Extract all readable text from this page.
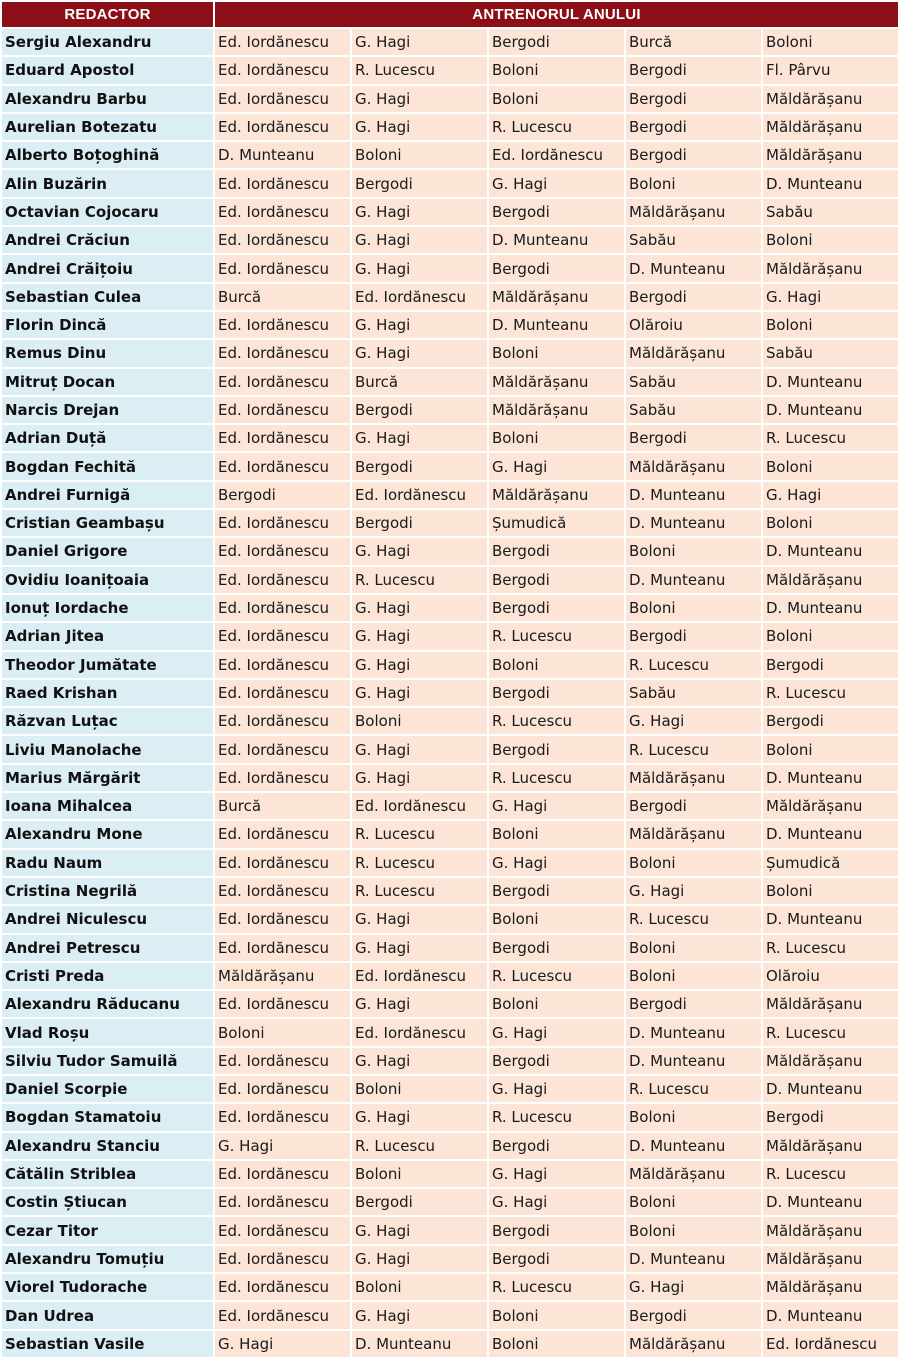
REDACTOR	ANTRENORUL ANULUI				
Sergiu Alexandru	Ed. Iordănescu	G. Hagi	Bergodi	Burcă	Boloni
Eduard Apostol	Ed. Iordănescu	R. Lucescu	Boloni	Bergodi	Fl. Pârvu
Alexandru Barbu	Ed. Iordănescu	G. Hagi	Boloni	Bergodi	Măldărășanu
Aurelian Botezatu	Ed. Iordănescu	G. Hagi	R. Lucescu	Bergodi	Măldărășanu
Alberto Boțoghină	D. Munteanu	Boloni	Ed. Iordănescu	Bergodi	Măldărășanu
Alin Buzărin	Ed. Iordănescu	Bergodi	G. Hagi	Boloni	D. Munteanu
Octavian Cojocaru	Ed. Iordănescu	G. Hagi	Bergodi	Măldărășanu	Sabău
Andrei Crăciun	Ed. Iordănescu	G. Hagi	D. Munteanu	Sabău	Boloni
Andrei Crăițoiu	Ed. Iordănescu	G. Hagi	Bergodi	D. Munteanu	Măldărășanu
Sebastian Culea	Burcă	Ed. Iordănescu	Măldărășanu	Bergodi	G. Hagi
Florin Dincă	Ed. Iordănescu	G. Hagi	D. Munteanu	Olăroiu	Boloni
Remus Dinu	Ed. Iordănescu	G. Hagi	Boloni	Măldărășanu	Sabău
Mitruț Docan	Ed. Iordănescu	Burcă	Măldărășanu	Sabău	D. Munteanu
Narcis Drejan	Ed. Iordănescu	Bergodi	Măldărășanu	Sabău	D. Munteanu
Adrian Duță	Ed. Iordănescu	G. Hagi	Boloni	Bergodi	R. Lucescu
Bogdan Fechită	Ed. Iordănescu	Bergodi	G. Hagi	Măldărășanu	Boloni
Andrei Furnigă	Bergodi	Ed. Iordănescu	Măldărășanu	D. Munteanu	G. Hagi
Cristian Geambașu	Ed. Iordănescu	Bergodi	Șumudică	D. Munteanu	Boloni
Daniel Grigore	Ed. Iordănescu	G. Hagi	Bergodi	Boloni	D. Munteanu
Ovidiu Ioanițoaia	Ed. Iordănescu	R. Lucescu	Bergodi	D. Munteanu	Măldărășanu
Ionuț Iordache	Ed. Iordănescu	G. Hagi	Bergodi	Boloni	D. Munteanu
Adrian Jitea	Ed. Iordănescu	G. Hagi	R. Lucescu	Bergodi	Boloni
Theodor Jumătate	Ed. Iordănescu	G. Hagi	Boloni	R. Lucescu	Bergodi
Raed Krishan	Ed. Iordănescu	G. Hagi	Bergodi	Sabău	R. Lucescu
Răzvan Luțac	Ed. Iordănescu	Boloni	R. Lucescu	G. Hagi	Bergodi
Liviu Manolache	Ed. Iordănescu	G. Hagi	Bergodi	R. Lucescu	Boloni
Marius Mărgărit	Ed. Iordănescu	G. Hagi	R. Lucescu	Măldărășanu	D. Munteanu
Ioana Mihalcea	Burcă	Ed. Iordănescu	G. Hagi	Bergodi	Măldărășanu
Alexandru Mone	Ed. Iordănescu	R. Lucescu	Boloni	Măldărășanu	D. Munteanu
Radu Naum	Ed. Iordănescu	R. Lucescu	G. Hagi	Boloni	Șumudică
Cristina Negrilă	Ed. Iordănescu	R. Lucescu	Bergodi	G. Hagi	Boloni
Andrei Niculescu	Ed. Iordănescu	G. Hagi	Boloni	R. Lucescu	D. Munteanu
Andrei Petrescu	Ed. Iordănescu	G. Hagi	Bergodi	Boloni	R. Lucescu
Cristi Preda	Măldărășanu	Ed. Iordănescu	R. Lucescu	Boloni	Olăroiu
Alexandru Răducanu	Ed. Iordănescu	G. Hagi	Boloni	Bergodi	Măldărășanu
Vlad Roșu	Boloni	Ed. Iordănescu	G. Hagi	D. Munteanu	R. Lucescu
Silviu Tudor Samuilă	Ed. Iordănescu	G. Hagi	Bergodi	D. Munteanu	Măldărășanu
Daniel Scorpie	Ed. Iordănescu	Boloni	G. Hagi	R. Lucescu	D. Munteanu
Bogdan Stamatoiu	Ed. Iordănescu	G. Hagi	R. Lucescu	Boloni	Bergodi
Alexandru Stanciu	G. Hagi	R. Lucescu	Bergodi	D. Munteanu	Măldărășanu
Cătălin Striblea	Ed. Iordănescu	Boloni	G. Hagi	Măldărășanu	R. Lucescu
Costin Știucan	Ed. Iordănescu	Bergodi	G. Hagi	Boloni	D. Munteanu
Cezar Titor	Ed. Iordănescu	G. Hagi	Bergodi	Boloni	Măldărășanu
Alexandru Tomuțiu	Ed. Iordănescu	G. Hagi	Bergodi	D. Munteanu	Măldărășanu
Viorel Tudorache	Ed. Iordănescu	Boloni	R. Lucescu	G. Hagi	Măldărășanu
Dan Udrea	Ed. Iordănescu	G. Hagi	Boloni	Bergodi	D. Munteanu
Sebastian Vasile	G. Hagi	D. Munteanu	Boloni	Măldărășanu	Ed. Iordănescu
